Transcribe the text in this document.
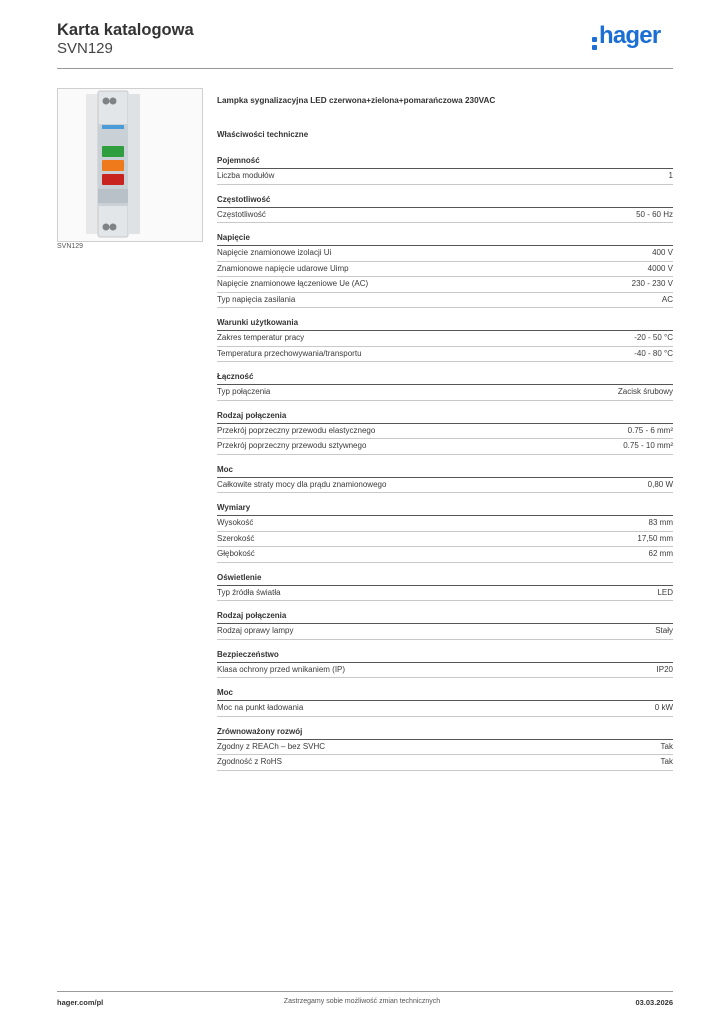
Karta katalogowa
SVN129	hager
SVN129
Lampka sygnalizacyjna LED czerwona+zielona+pomarańczowa 230VAC
Właściwości techniczne
Pojemność
Liczba modułów	1
Częstotliwość
Częstotliwość	50 - 60 Hz
Napięcie
Napięcie znamionowe izolacji Ui	400 V
Znamionowe napięcie udarowe Uimp	4000 V
Napięcie znamionowe łączeniowe Ue (AC)	230 - 230 V
Typ napięcia zasilania	AC
Warunki użytkowania
Zakres temperatur pracy	-20 - 50 °C
Temperatura przechowywania/transportu	-40 - 80 °C
Łączność
Typ połączenia	Zacisk śrubowy
Rodzaj połączenia
Przekrój poprzeczny przewodu elastycznego	0.75 - 6 mm²
Przekrój poprzeczny przewodu sztywnego	0.75 - 10 mm²
Moc
Całkowite straty mocy dla prądu znamionowego	0,80 W
Wymiary
Wysokość	83 mm
Szerokość	17,50 mm
Głębokość	62 mm
Oświetlenie
Typ źródła światła	LED
Rodzaj połączenia
Rodzaj oprawy lampy	Stały
Bezpieczeństwo
Klasa ochrony przed wnikaniem (IP)	IP20
Moc
Moc na punkt ładowania	0 kW
Zrównoważony rozwój
Zgodny z REACh – bez SVHC	Tak
Zgodność z RoHS	Tak
hager.com/pl	Zastrzegamy sobie możliwość zmian technicznych	03.03.2026
